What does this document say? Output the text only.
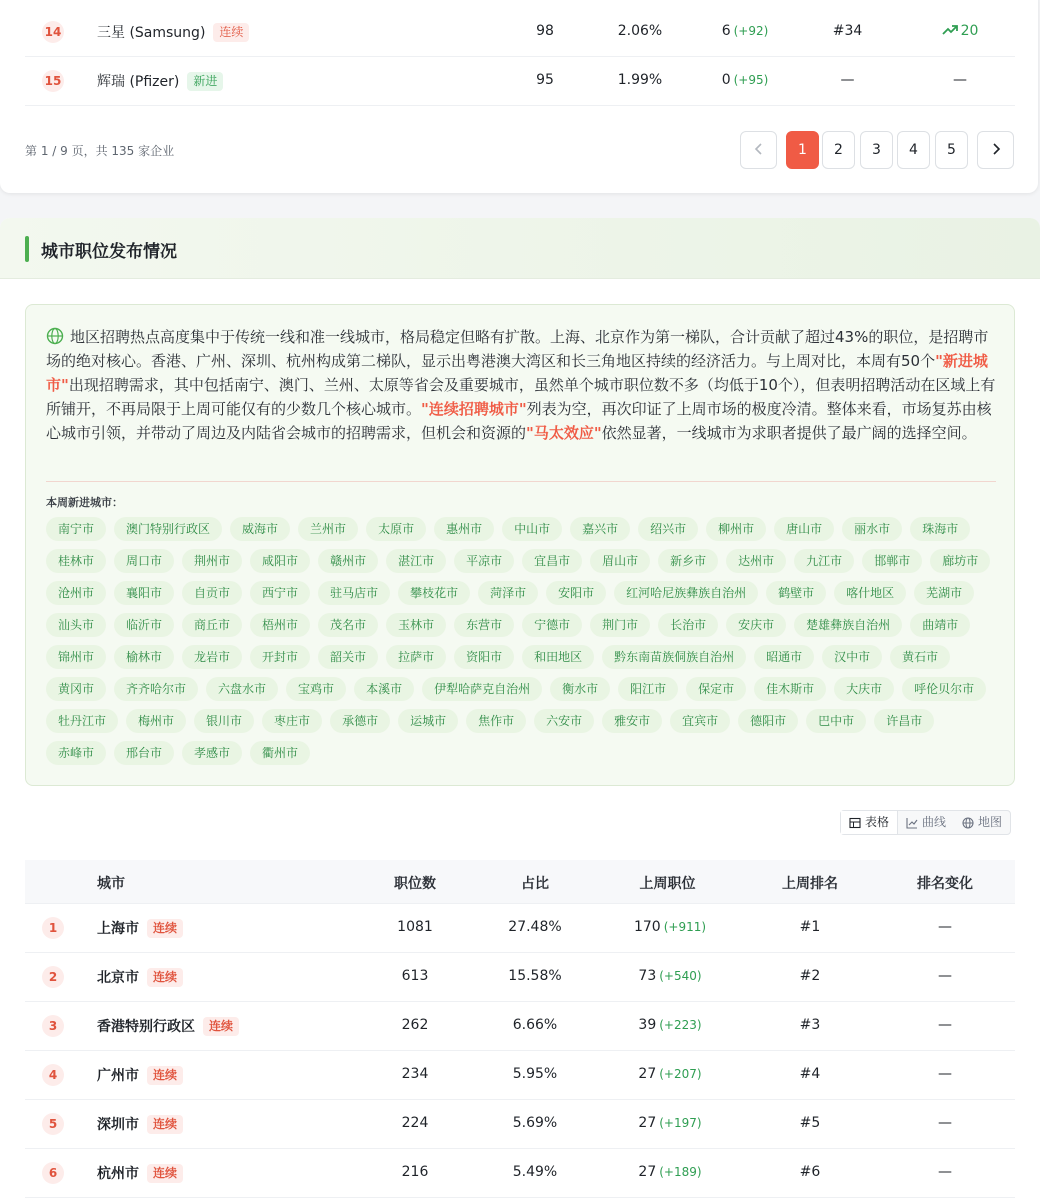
14	三星 (Samsung) 连续	98	2.06%	6 (+92)	#34	20
15	辉瑞 (Pfizer) 新进	95	1.99%	0 (+95)	—	—
第 1 / 9 页，共 135 家企业	1	2	3	4	5
城市职位发布情况
地区招聘热点高度集中于传统一线和准一线城市，格局稳定但略有扩散。上海、北京作为第一梯队，合计贡献了超过43%的职位，是招聘市场的绝对核心。香港、广州、深圳、杭州构成第二梯队，显示出粤港澳大湾区和长三角地区持续的经济活力。与上周对比，本周有50个"新进城市"出现招聘需求，其中包括南宁、澳门、兰州、太原等省会及重要城市，虽然单个城市职位数不多（均低于10个），但表明招聘活动在区域上有所铺开，不再局限于上周可能仅有的少数几个核心城市。"连续招聘城市"列表为空，再次印证了上周市场的极度冷清。整体来看，市场复苏由核心城市引领，并带动了周边及内陆省会城市的招聘需求，但机会和资源的"马太效应"依然显著，一线城市为求职者提供了最广阔的选择空间。
本周新进城市：
南宁市	澳门特别行政区	威海市	兰州市	太原市	惠州市	中山市	嘉兴市	绍兴市	柳州市	唐山市	丽水市	珠海市
桂林市	周口市	荆州市	咸阳市	赣州市	湛江市	平凉市	宜昌市	眉山市	新乡市	达州市	九江市	邯郸市	廊坊市
沧州市	襄阳市	自贡市	西宁市	驻马店市	攀枝花市	菏泽市	安阳市	红河哈尼族彝族自治州	鹤壁市	喀什地区	芜湖市
汕头市	临沂市	商丘市	梧州市	茂名市	玉林市	东营市	宁德市	荆门市	长治市	安庆市	楚雄彝族自治州	曲靖市
锦州市	榆林市	龙岩市	开封市	韶关市	拉萨市	资阳市	和田地区	黔东南苗族侗族自治州	昭通市	汉中市	黄石市
黄冈市	齐齐哈尔市	六盘水市	宝鸡市	本溪市	伊犁哈萨克自治州	衡水市	阳江市	保定市	佳木斯市	大庆市	呼伦贝尔市
牡丹江市	梅州市	银川市	枣庄市	承德市	运城市	焦作市	六安市	雅安市	宜宾市	德阳市	巴中市	许昌市
赤峰市	邢台市	孝感市	衢州市
表格	曲线	地图
城市	职位数	占比	上周职位	上周排名	排名变化
1	上海市 连续	1081	27.48%	170 (+911)	#1	—
2	北京市 连续	613	15.58%	73 (+540)	#2	—
3	香港特别行政区 连续	262	6.66%	39 (+223)	#3	—
4	广州市 连续	234	5.95%	27 (+207)	#4	—
5	深圳市 连续	224	5.69%	27 (+197)	#5	—
6	杭州市 连续	216	5.49%	27 (+189)	#6	—
